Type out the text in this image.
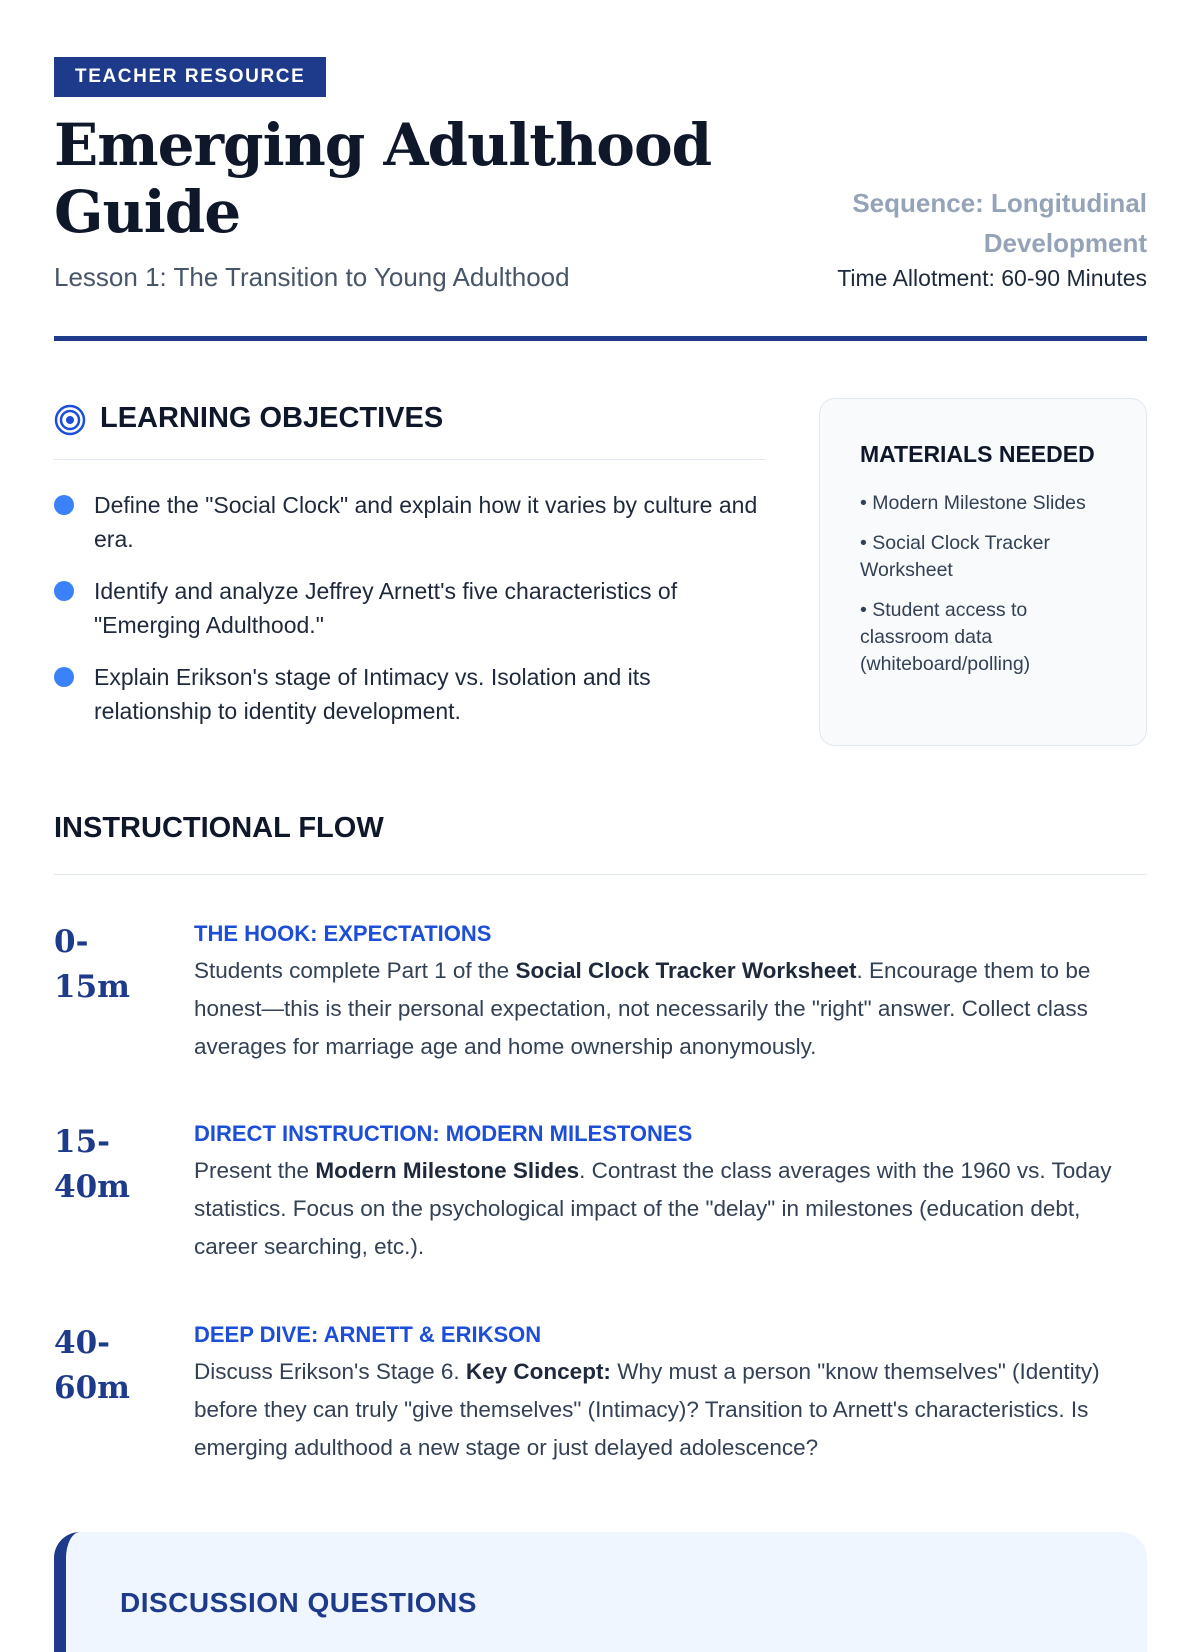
TEACHER RESOURCE
Emerging Adulthood Guide
Lesson 1: The Transition to Young Adulthood
Sequence: Longitudinal Development
Time Allotment: 60-90 Minutes
LEARNING OBJECTIVES
Define the "Social Clock" and explain how it varies by culture and era.
Identify and analyze Jeffrey Arnett's five characteristics of "Emerging Adulthood."
Explain Erikson's stage of Intimacy vs. Isolation and its relationship to identity development.
MATERIALS NEEDED
• Modern Milestone Slides
• Social Clock Tracker Worksheet
• Student access to classroom data (whiteboard/polling)
INSTRUCTIONAL FLOW
0-15m
THE HOOK: EXPECTATIONS

Students complete Part 1 of the Social Clock Tracker Worksheet. Encourage them to be honest—this is their personal expectation, not necessarily the "right" answer. Collect class averages for marriage age and home ownership anonymously.

15-40m
DIRECT INSTRUCTION: MODERN MILESTONES

Present the Modern Milestone Slides. Contrast the class averages with the 1960 vs. Today statistics. Focus on the psychological impact of the "delay" in milestones (education debt, career searching, etc.).

40-60m
DEEP DIVE: ARNETT & ERIKSON

Discuss Erikson's Stage 6. Key Concept: Why must a person "know themselves" (Identity) before they can truly "give themselves" (Intimacy)? Transition to Arnett's characteristics. Is emerging adulthood a new stage or just delayed adolescence?

DISCUSSION QUESTIONS
